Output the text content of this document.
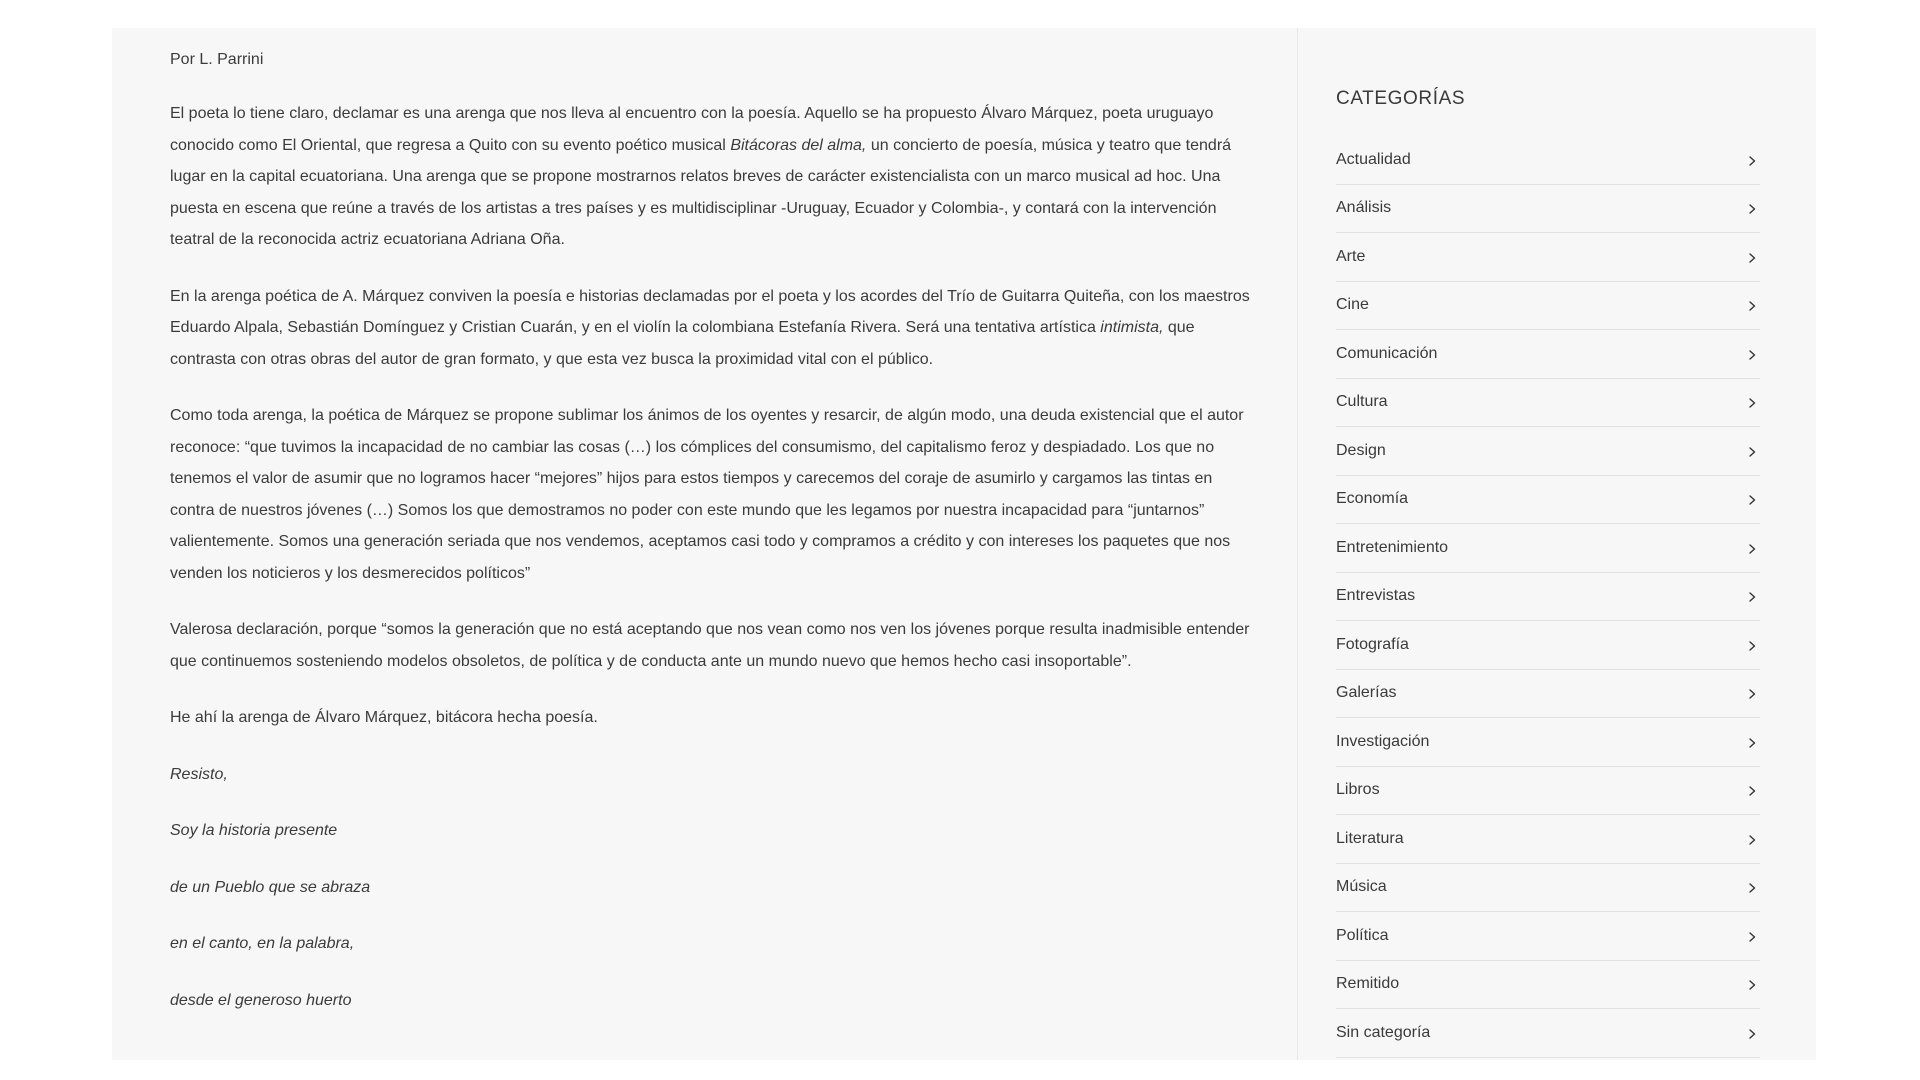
Por L. Parrini

El poeta lo tiene claro, declamar es una arenga que nos lleva al encuentro con la poesía. Aquello se ha propuesto Álvaro Márquez, poeta uruguayo conocido como El Oriental, que regresa a Quito con su evento poético musical Bitácoras del alma, un concierto de poesía, música y teatro que tendrá lugar en la capital ecuatoriana. Una arenga que se propone mostrarnos relatos breves de carácter existencialista con un marco musical ad hoc. Una puesta en escena que reúne a través de los artistas a tres países y es multidisciplinar -Uruguay, Ecuador y Colombia-, y contará con la intervención teatral de la reconocida actriz ecuatoriana Adriana Oña.

En la arenga poética de A. Márquez conviven la poesía e historias declamadas por el poeta y los acordes del Trío de Guitarra Quiteña, con los maestros Eduardo Alpala, Sebastián Domínguez y Cristian Cuarán, y en el violín la colombiana Estefanía Rivera. Será una tentativa artística intimista, que contrasta con otras obras del autor de gran formato, y que esta vez busca la proximidad vital con el público.

Como toda arenga, la poética de Márquez se propone sublimar los ánimos de los oyentes y resarcir, de algún modo, una deuda existencial que el autor reconoce: “que tuvimos la incapacidad de no cambiar las cosas (…) los cómplices del consumismo, del capitalismo feroz y despiadado. Los que no tenemos el valor de asumir que no logramos hacer “mejores” hijos para estos tiempos y carecemos del coraje de asumirlo y cargamos las tintas en contra de nuestros jóvenes (…) Somos los que demostramos no poder con este mundo que les legamos por nuestra incapacidad para “juntarnos” valientemente. Somos una generación seriada que nos vendemos, aceptamos casi todo y compramos a crédito y con intereses los paquetes que nos venden los noticieros y los desmerecidos políticos”

Valerosa declaración, porque “somos la generación que no está aceptando que nos vean como nos ven los jóvenes porque resulta inadmisible entender que continuemos sosteniendo modelos obsoletos, de política y de conducta ante un mundo nuevo que hemos hecho casi insoportable”.

He ahí la arenga de Álvaro Márquez, bitácora hecha poesía.

Resisto,

Soy la historia presente

de un Pueblo que se abraza

en el canto, en la palabra,

desde el generoso huerto

CATEGORÍAS
Actualidad
Análisis
Arte
Cine
Comunicación
Cultura
Design
Economía
Entretenimiento
Entrevistas
Fotografía
Galerías
Investigación
Libros
Literatura
Música
Política
Remitido
Sin categoría
